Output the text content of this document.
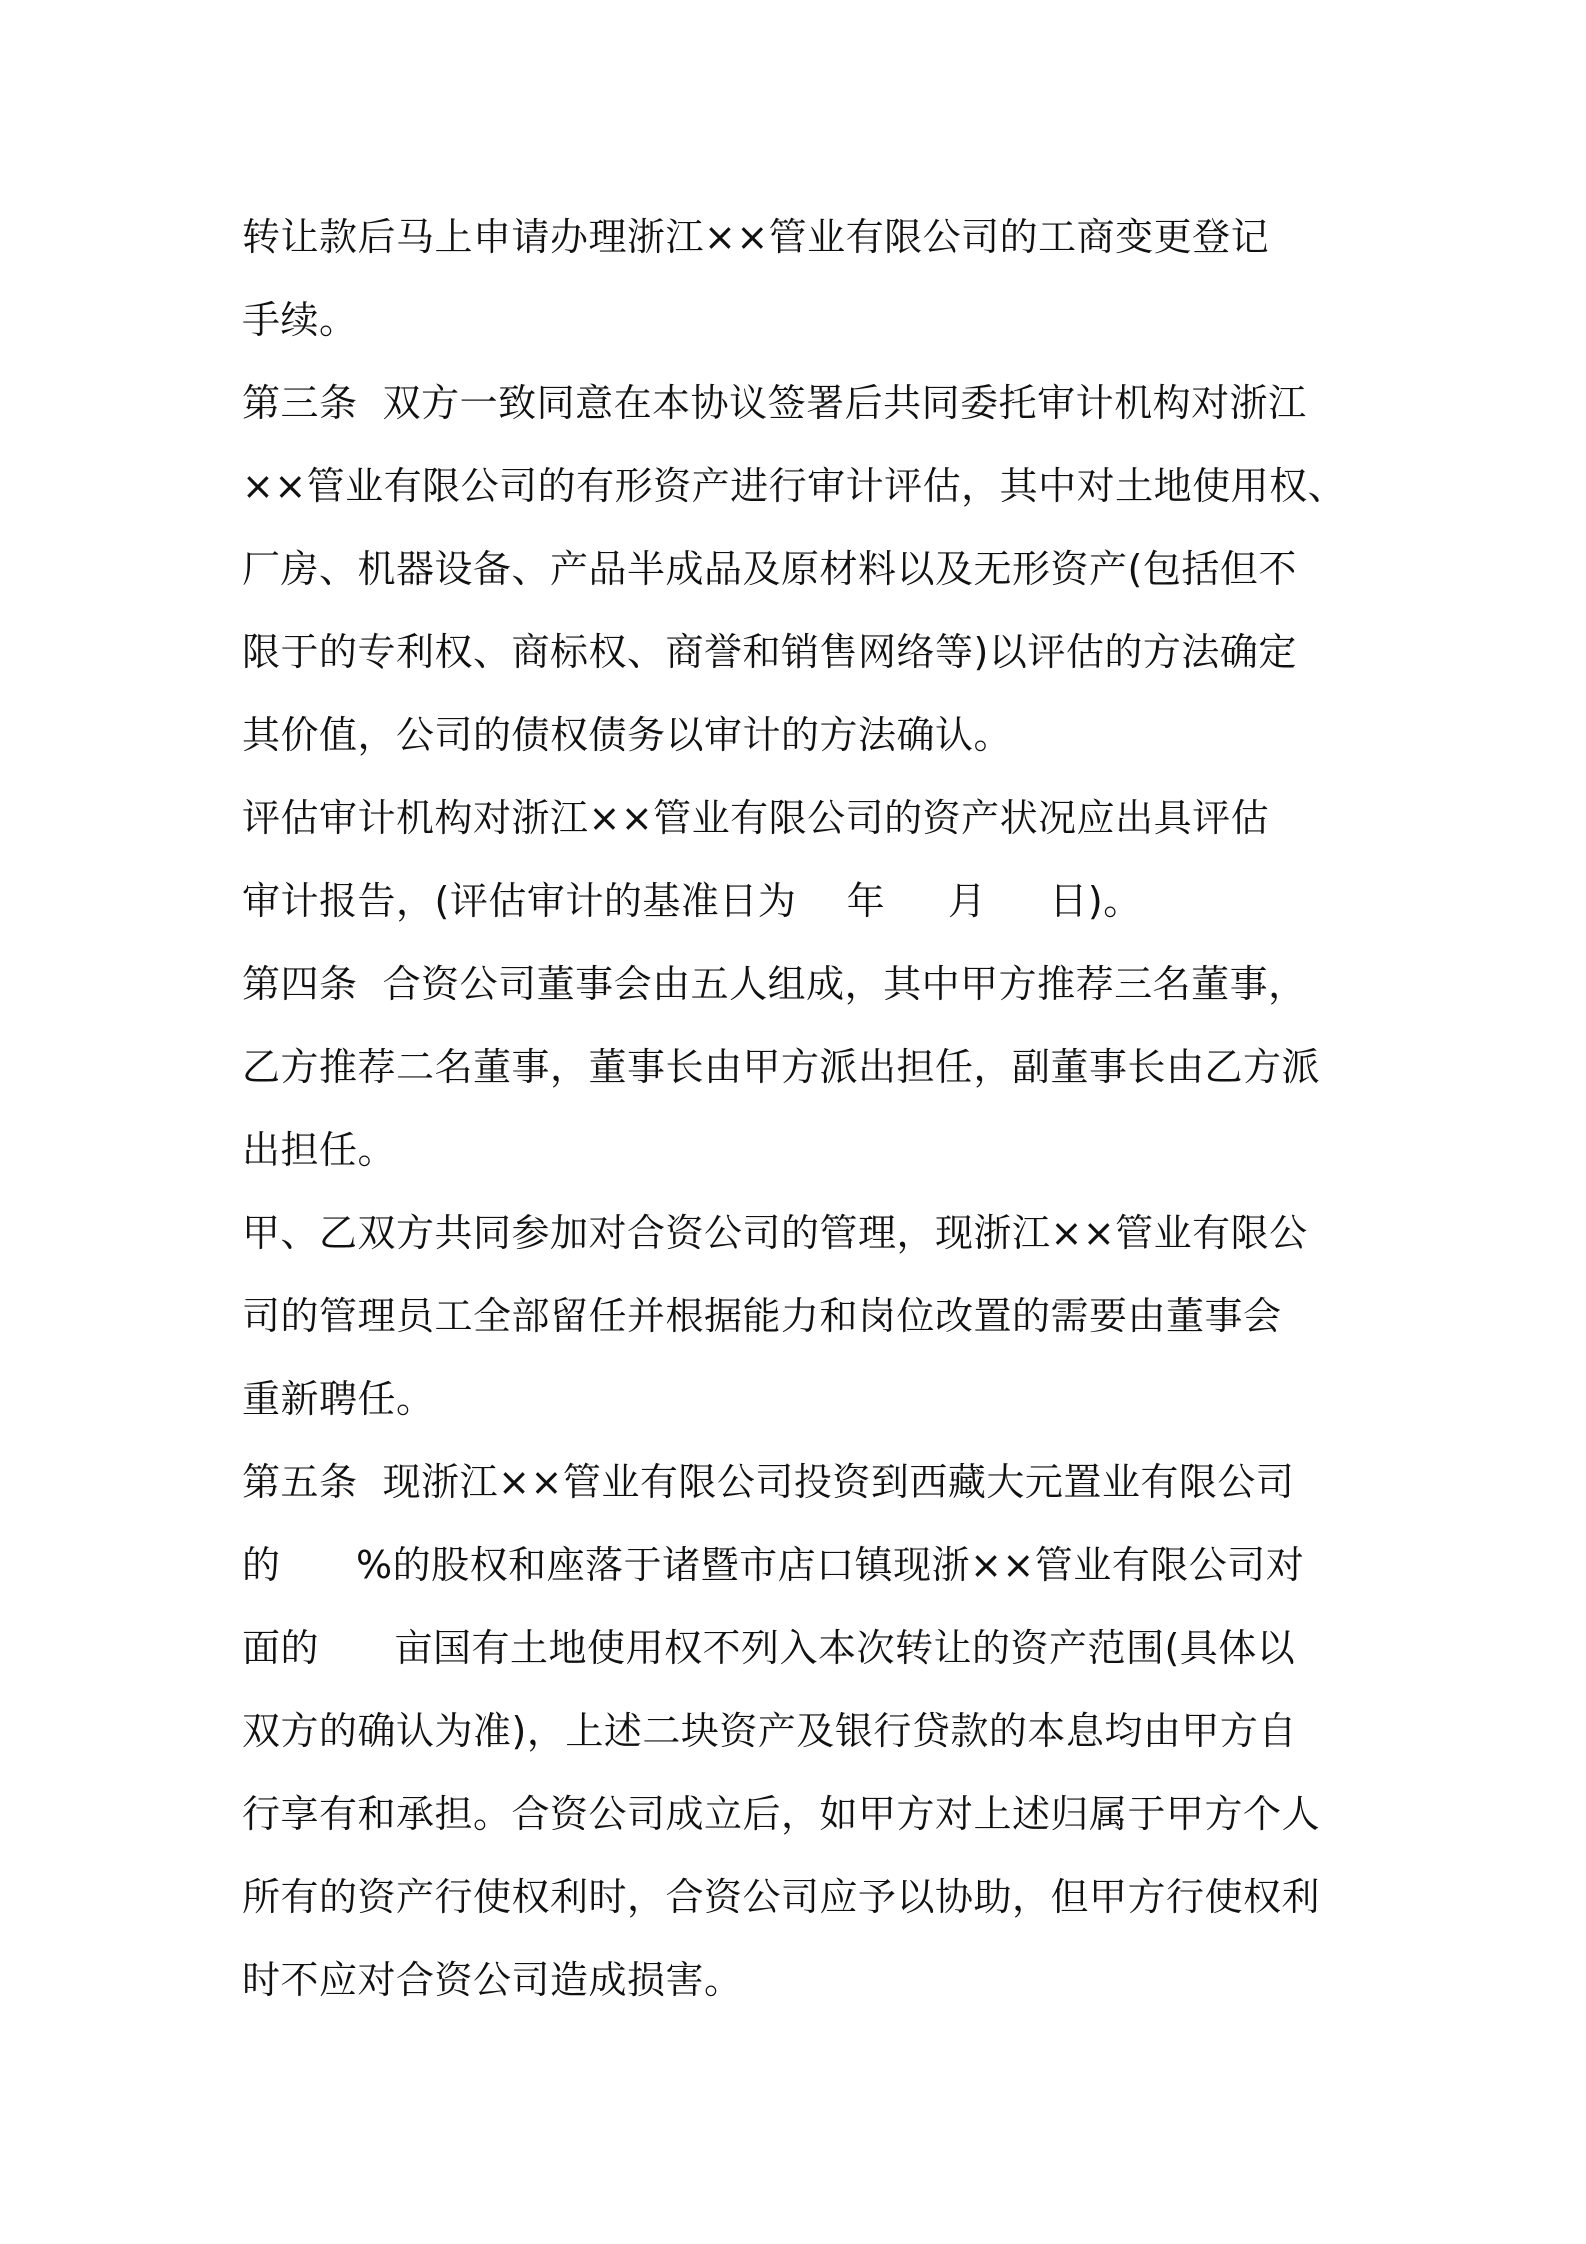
转让款后马上申请办理浙江××管业有限公司的工商变更登记
手续。
第三条  双方一致同意在本协议签署后共同委托审计机构对浙江
××管业有限公司的有形资产进行审计评估，其中对土地使用权、
厂房、机器设备、产品半成品及原材料以及无形资产(包括但不
限于的专利权、商标权、商誉和销售网络等)以评估的方法确定
其价值，公司的债权债务以审计的方法确认。
评估审计机构对浙江××管业有限公司的资产状况应出具评估
审计报告，(评估审计的基准日为    年     月     日)。
第四条  合资公司董事会由五人组成，其中甲方推荐三名董事，
乙方推荐二名董事，董事长由甲方派出担任，副董事长由乙方派
出担任。
甲、乙双方共同参加对合资公司的管理，现浙江××管业有限公
司的管理员工全部留任并根据能力和岗位改置的需要由董事会
重新聘任。
第五条  现浙江××管业有限公司投资到西藏大元置业有限公司
的      %的股权和座落于诸暨市店口镇现浙××管业有限公司对
面的      亩国有土地使用权不列入本次转让的资产范围(具体以
双方的确认为准)，上述二块资产及银行贷款的本息均由甲方自
行享有和承担。合资公司成立后，如甲方对上述归属于甲方个人
所有的资产行使权利时，合资公司应予以协助，但甲方行使权利
时不应对合资公司造成损害。
